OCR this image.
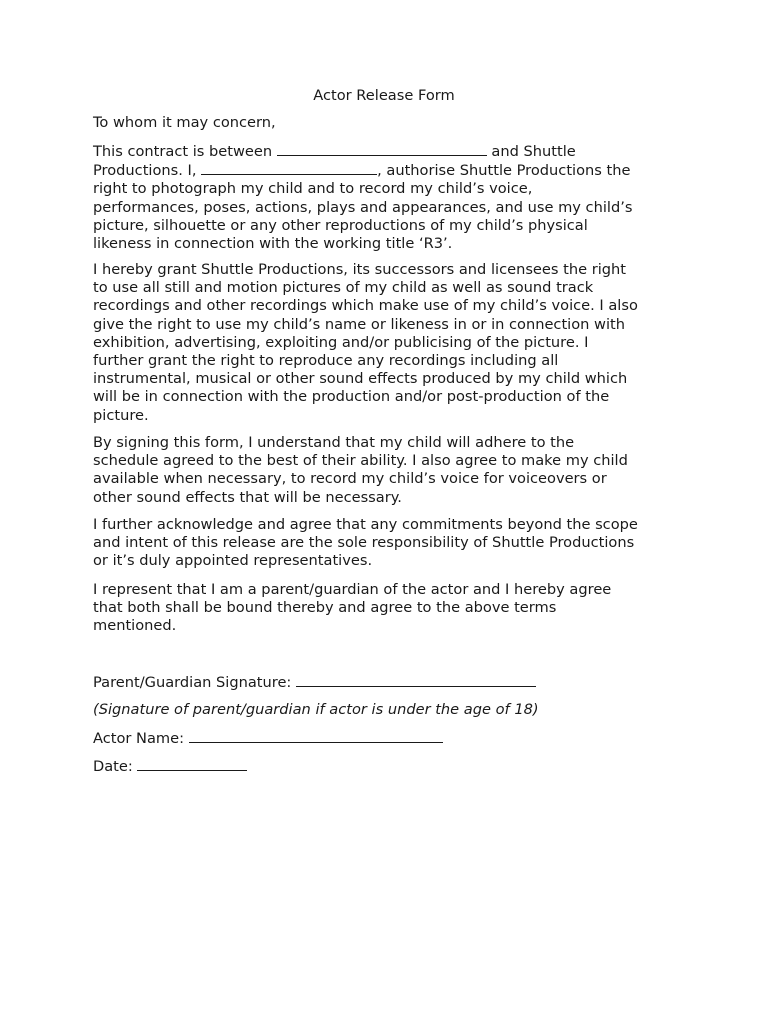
Actor Release Form

To whom it may concern,

This contract is between	and Shuttle
Productions. I,	, authorise Shuttle Productions the
right to photograph my child and to record my child’s voice,
performances, poses, actions, plays and appearances, and use my child’s
picture, silhouette or any other reproductions of my child’s physical
likeness in connection with the working title ‘R3’.
I hereby grant Shuttle Productions, its successors and licensees the right
to use all still and motion pictures of my child as well as sound track
recordings and other recordings which make use of my child’s voice. I also
give the right to use my child’s name or likeness in or in connection with
exhibition, advertising, exploiting and/or publicising of the picture. I
further grant the right to reproduce any recordings including all
instrumental, musical or other sound effects produced by my child which
will be in connection with the production and/or post-production of the
picture.
By signing this form, I understand that my child will adhere to the
schedule agreed to the best of their ability. I also agree to make my child
available when necessary, to record my child’s voice for voiceovers or
other sound effects that will be necessary.
I further acknowledge and agree that any commitments beyond the scope
and intent of this release are the sole responsibility of Shuttle Productions
or it’s duly appointed representatives.
I represent that I am a parent/guardian of the actor and I hereby agree
that both shall be bound thereby and agree to the above terms
mentioned.
Parent/Guardian Signature:
(Signature of parent/guardian if actor is under the age of 18)
Actor Name:
Date:
